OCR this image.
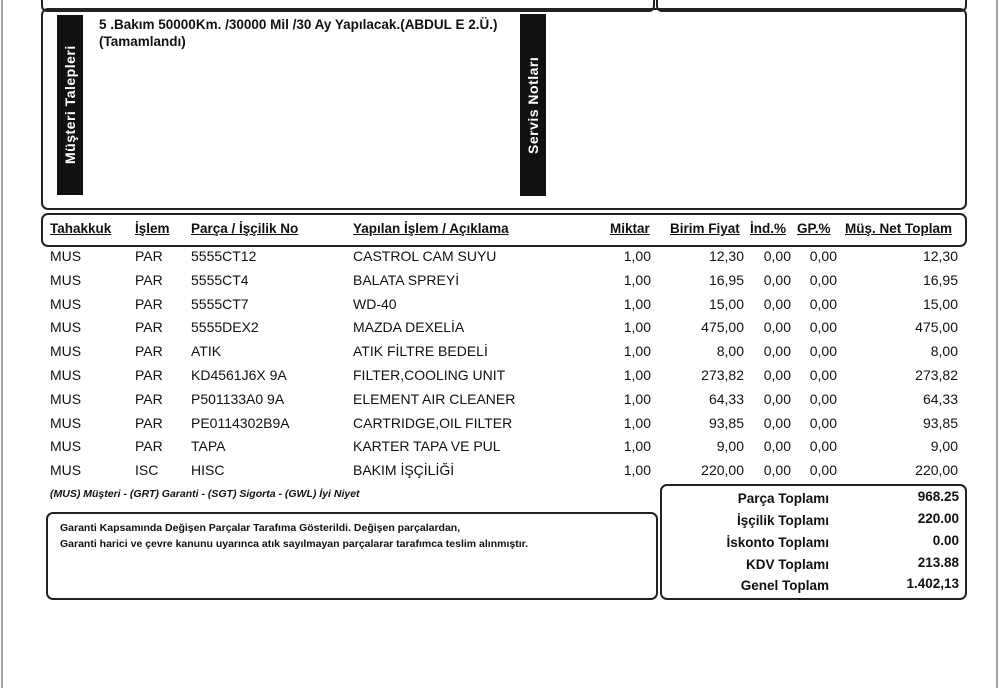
Müşteri Talepleri
5 .Bakım 50000Km. /30000 Mil /30 Ay Yapılacak.(ABDUL E 2.Ü.) (Tamamlandı)
Servis Notları
Tahakkuk İşlem Parça / İşçilik No	Yapılan İşlem / Açıklama	Miktar Birim Fiyat İnd.% GP.% Müş. Net Toplam
MUS	PAR 5555CT12	CASTROL CAM SUYU	1,00	12,30 0,00 0,00	12,30
MUS	PAR 5555CT4	BALATA SPREYİ	1,00	16,95 0,00 0,00	16,95
MUS	PAR 5555CT7	WD-40	1,00	15,00 0,00 0,00	15,00
MUS	PAR 5555DEX2	MAZDA DEXELİA	1,00	475,00 0,00 0,00	475,00
MUS	PAR ATIK	ATIK FİLTRE BEDELİ	1,00	8,00 0,00 0,00	8,00
MUS	PAR KD4561J6X 9A	FILTER,COOLING UNIT	1,00	273,82 0,00 0,00	273,82
MUS	PAR P501133A0 9A	ELEMENT AIR CLEANER	1,00	64,33 0,00 0,00	64,33
MUS	PAR PE0114302B9A	CARTRIDGE,OIL FILTER	1,00	93,85 0,00 0,00	93,85
MUS	PAR TAPA	KARTER TAPA VE PUL	1,00	9,00 0,00 0,00	9,00
MUS	ISC HISC	BAKIM İŞÇİLİĞİ	1,00	220,00 0,00 0,00	220,00
(MUS) Müşteri - (GRT) Garanti - (SGT) Sigorta - (GWL) İyi Niyet
Garanti Kapsamında Değişen Parçalar Tarafıma Gösterildi. Değişen parçalardan,
Garanti harici ve çevre kanunu uyarınca atık sayılmayan parçalarar tarafımca teslim alınmıştır.
Parça Toplamı	968.25
İşçilik Toplamı	220.00
İskonto Toplamı	0.00
KDV Toplamı	213.88
Genel Toplam	1.402,13
